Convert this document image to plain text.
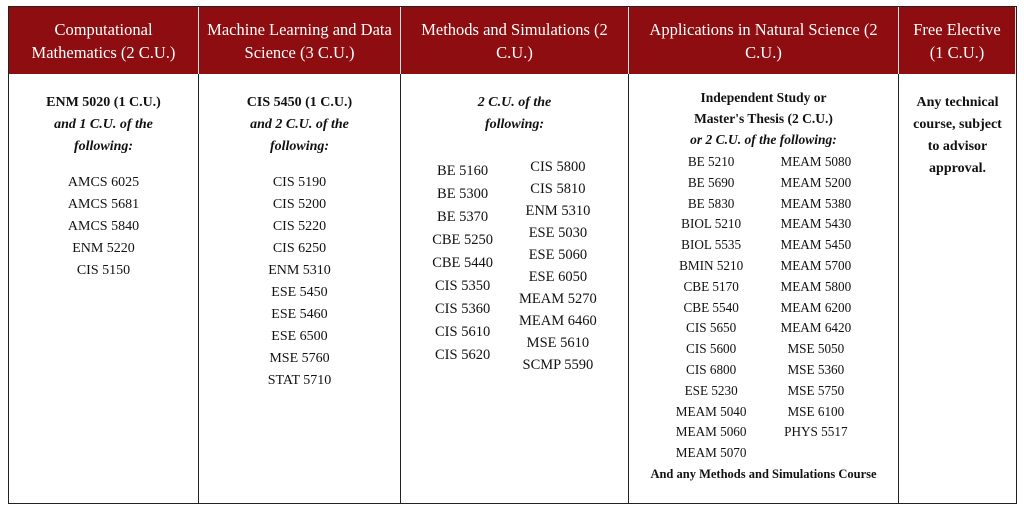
Computational Mathematics (2 C.U.)
Machine Learning and Data Science (3 C.U.)
Methods and Simulations (2 C.U.)
Applications in Natural Science (2 C.U.)
Free Elective (1 C.U.)
ENM 5020 (1 C.U.)
and 1 C.U. of the following:
AMCS 6025
AMCS 5681
AMCS 5840
ENM 5220
CIS 5150
CIS 5450 (1 C.U.)
and 2 C.U. of the following:
CIS 5190
CIS 5200
CIS 5220
CIS 6250
ENM 5310
ESE 5450
ESE 5460
ESE 6500
MSE 5760
STAT 5710
2 C.U. of the following:
BE 5160
BE 5300
BE 5370
CBE 5250
CBE 5440
CIS 5350
CIS 5360
CIS 5610
CIS 5620
CIS 5800
CIS 5810
ENM 5310
ESE 5030
ESE 5060
ESE 6050
MEAM 5270
MEAM 6460
MSE 5610
SCMP 5590
Independent Study or
Master's Thesis (2 C.U.)
or 2 C.U. of the following:
BE 5210
BE 5690
BE 5830
BIOL 5210
BIOL 5535
BMIN 5210
CBE 5170
CBE 5540
CIS 5650
CIS 5600
CIS 6800
ESE 5230
MEAM 5040
MEAM 5060
MEAM 5070
MEAM 5080
MEAM 5200
MEAM 5380
MEAM 5430
MEAM 5450
MEAM 5700
MEAM 5800
MEAM 6200
MEAM 6420
MSE 5050
MSE 5360
MSE 5750
MSE 6100
PHYS 5517
And any Methods and Simulations Course
Any technical course, subject to advisor approval.
